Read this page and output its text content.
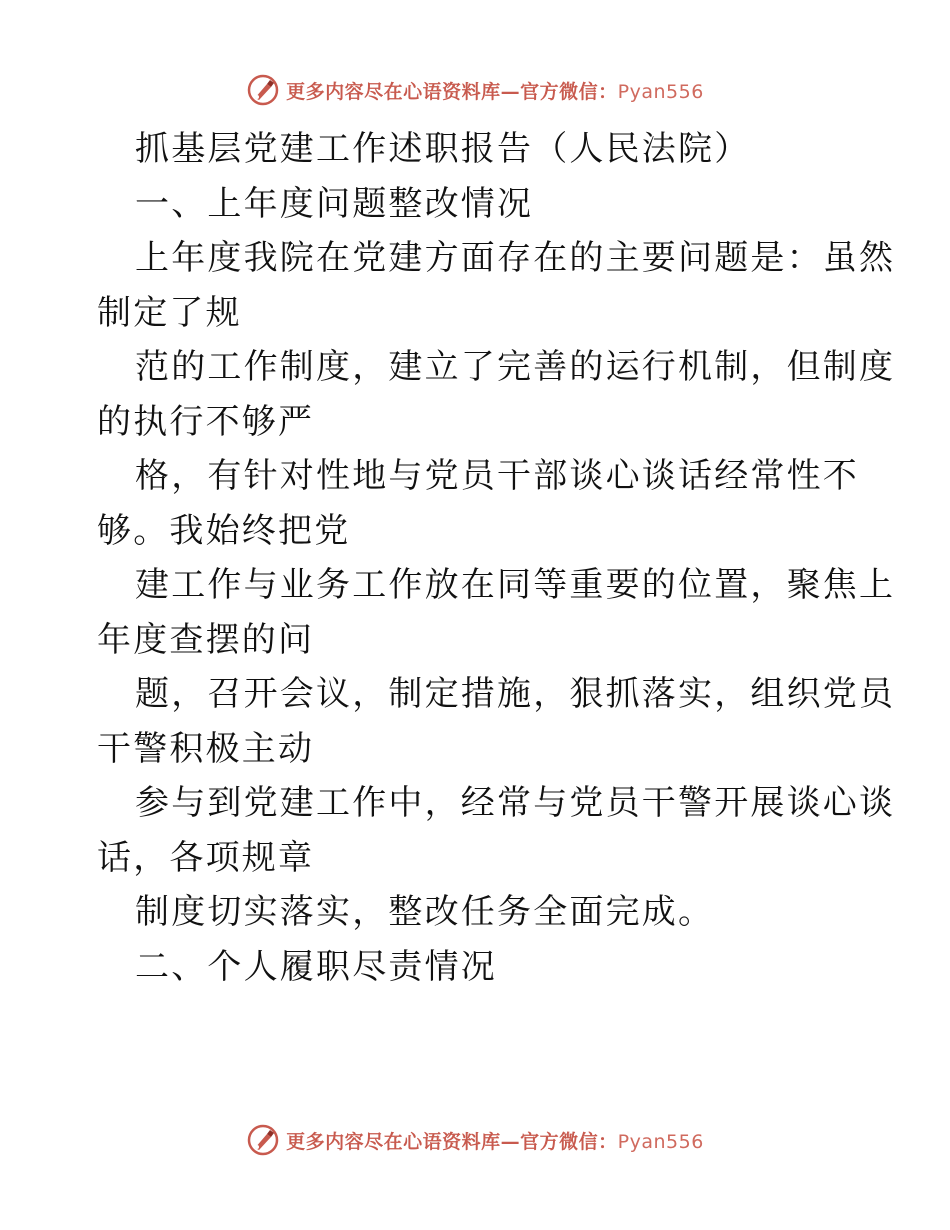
更多内容尽在心语资料库—官方微信：Pyan556
抓基层党建工作述职报告（人民法院）
一、上年度问题整改情况
上年度我院在党建方面存在的主要问题是：虽然
制定了规
范的工作制度，建立了完善的运行机制，但制度
的执行不够严
格，有针对性地与党员干部谈心谈话经常性不
够。我始终把党
建工作与业务工作放在同等重要的位置，聚焦上
年度查摆的问
题，召开会议，制定措施，狠抓落实，组织党员
干警积极主动
参与到党建工作中，经常与党员干警开展谈心谈
话，各项规章
制度切实落实，整改任务全面完成。
二、个人履职尽责情况
更多内容尽在心语资料库—官方微信：Pyan556
